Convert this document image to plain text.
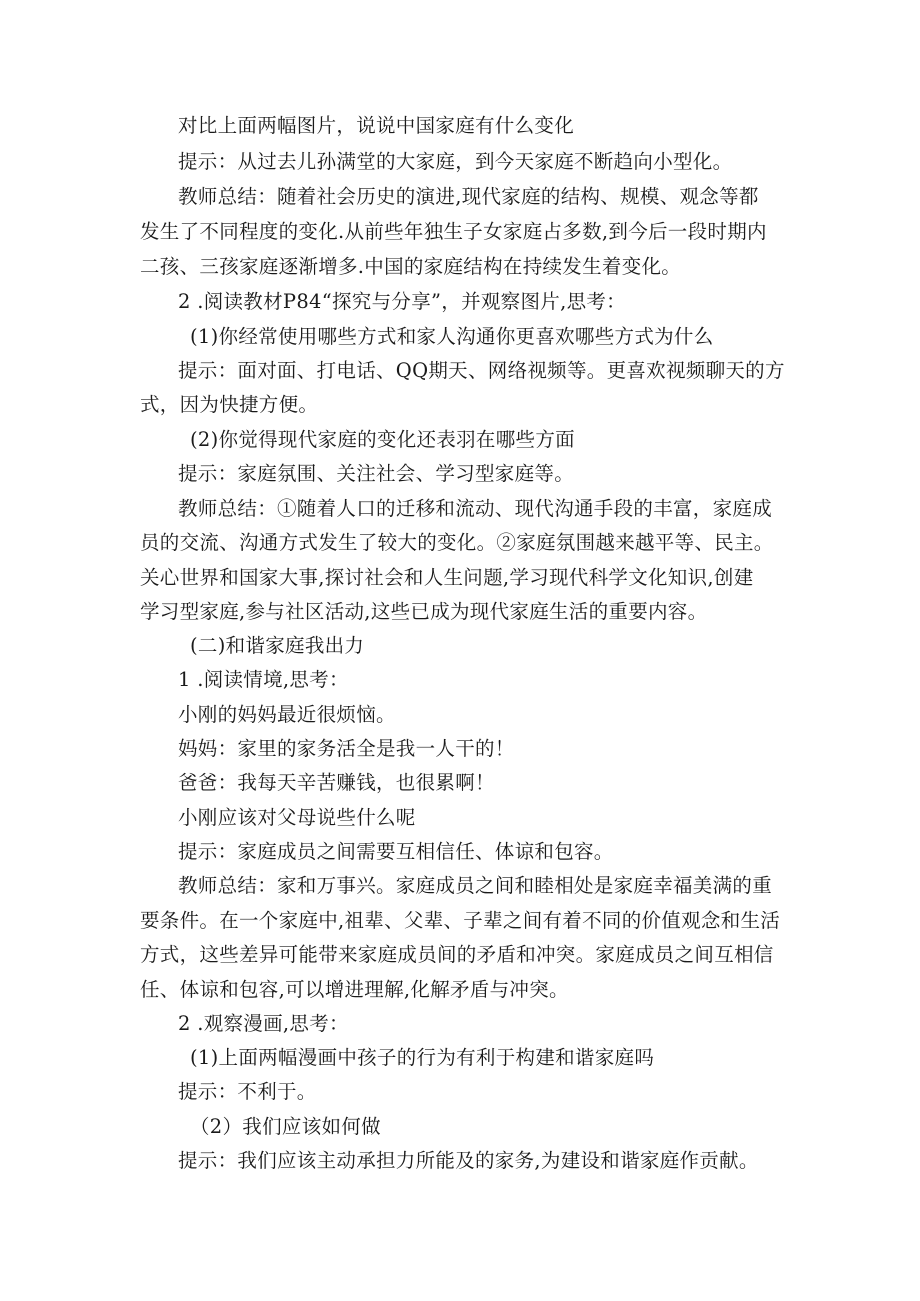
对比上面两幅图片，说说中国家庭有什么变化
提示：从过去儿孙满堂的大家庭，到今天家庭不断趋向小型化。
教师总结：随着社会历史的演进,现代家庭的结构、规模、观念等都
发生了不同程度的变化.从前些年独生子女家庭占多数,到今后一段时期内
二孩、三孩家庭逐渐增多.中国的家庭结构在持续发生着变化。
2 .阅读教材P84“探究与分享”，并观察图片,思考：
(1)你经常使用哪些方式和家人沟通你更喜欢哪些方式为什么
提示：面对面、打电话、QQ期天、网络视频等。更喜欢视频聊天的方
式，因为快捷方便。
(2)你觉得现代家庭的变化还表羽在哪些方面
提示：家庭氛围、关注社会、学习型家庭等。
教师总结：①随着人口的迁移和流动、现代沟通手段的丰富，家庭成
员的交流、沟通方式发生了较大的变化。②家庭氛围越来越平等、民主。
关心世界和国家大事,探讨社会和人生问题,学习现代科学文化知识,创建
学习型家庭,参与社区活动,这些已成为现代家庭生活的重要内容。
(二)和谐家庭我出力
1 .阅读情境,思考：
小刚的妈妈最近很烦恼。
妈妈：家里的家务活全是我一人干的！
爸爸：我每天辛苦赚钱，也很累啊！
小刚应该对父母说些什么呢
提示：家庭成员之间需要互相信任、体谅和包容。
教师总结：家和万事兴。家庭成员之间和睦相处是家庭幸福美满的重
要条件。在一个家庭中,祖辈、父辈、子辈之间有着不同的价值观念和生活
方式，这些差异可能带来家庭成员间的矛盾和冲突。家庭成员之间互相信
任、体谅和包容,可以增进理解,化解矛盾与冲突。
2 .观察漫画,思考：
(1)上面两幅漫画中孩子的行为有利于构建和谐家庭吗
提示：不利于。
（2）我们应该如何做
提示：我们应该主动承担力所能及的家务,为建设和谐家庭作贡献。
